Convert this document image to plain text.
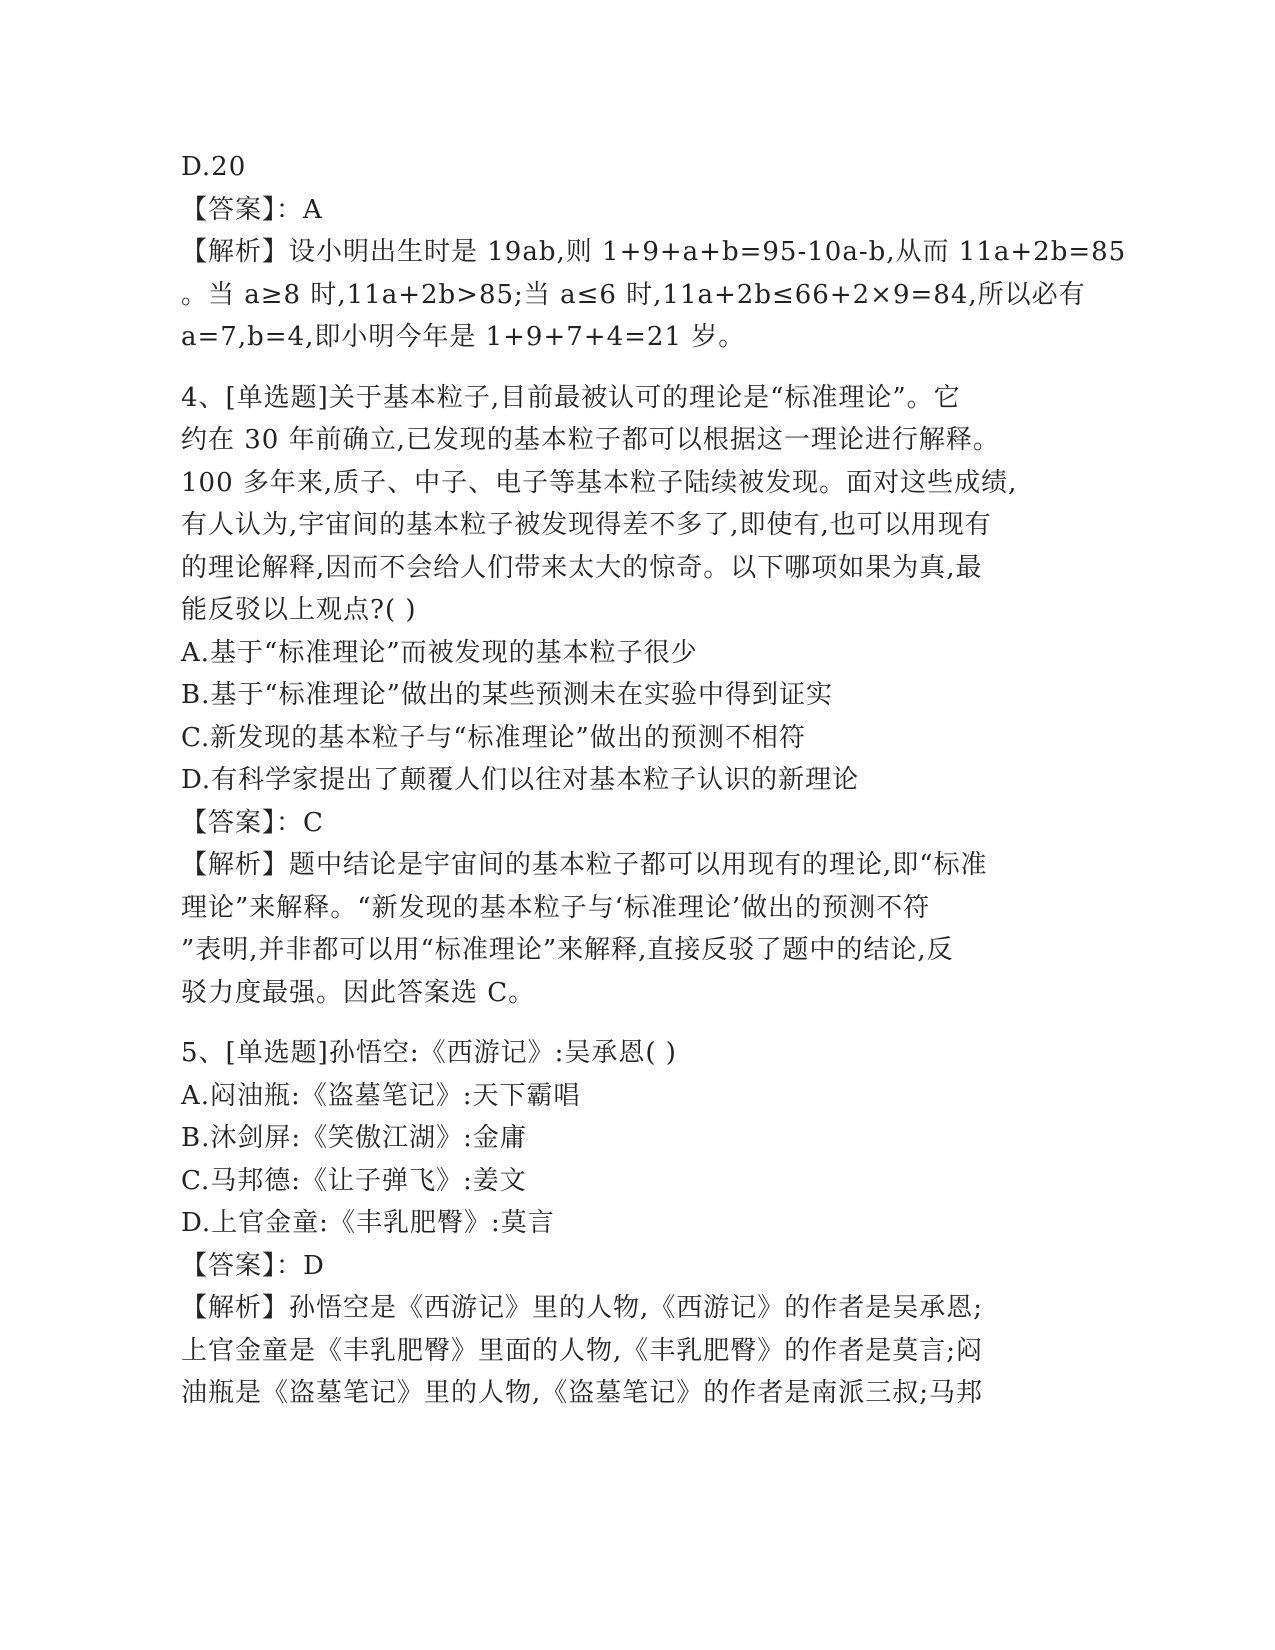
D.20
【答案】：A
【解析】设小明出生时是 19ab,则 1+9+a+b=95-10a-b,从而 11a+2b=85
。当 a≥8 时,11a+2b>85;当 a≤6 时,11a+2b≤66+2×9=84,所以必有
a=7,b=4,即小明今年是 1+9+7+4=21 岁。
4、[单选题]关于基本粒子,目前最被认可的理论是“标准理论”。它
约在 30 年前确立,已发现的基本粒子都可以根据这一理论进行解释。
100 多年来,质子、中子、电子等基本粒子陆续被发现。面对这些成绩,
有人认为,宇宙间的基本粒子被发现得差不多了,即使有,也可以用现有
的理论解释,因而不会给人们带来太大的惊奇。以下哪项如果为真,最
能反驳以上观点?( )
A.基于“标准理论”而被发现的基本粒子很少
B.基于“标准理论”做出的某些预测未在实验中得到证实
C.新发现的基本粒子与“标准理论”做出的预测不相符
D.有科学家提出了颠覆人们以往对基本粒子认识的新理论
【答案】：C
【解析】题中结论是宇宙间的基本粒子都可以用现有的理论,即“标准
理论”来解释。“新发现的基本粒子与‘标准理论’做出的预测不符
”表明,并非都可以用“标准理论”来解释,直接反驳了题中的结论,反
驳力度最强。因此答案选 C。
5、[单选题]孙悟空:《西游记》:吴承恩( )
A.闷油瓶:《盗墓笔记》:天下霸唱
B.沐剑屏:《笑傲江湖》:金庸
C.马邦德:《让子弹飞》:姜文
D.上官金童:《丰乳肥臀》:莫言
【答案】：D
【解析】孙悟空是《西游记》里的人物,《西游记》的作者是吴承恩;
上官金童是《丰乳肥臀》里面的人物,《丰乳肥臀》的作者是莫言;闷
油瓶是《盗墓笔记》里的人物,《盗墓笔记》的作者是南派三叔;马邦
